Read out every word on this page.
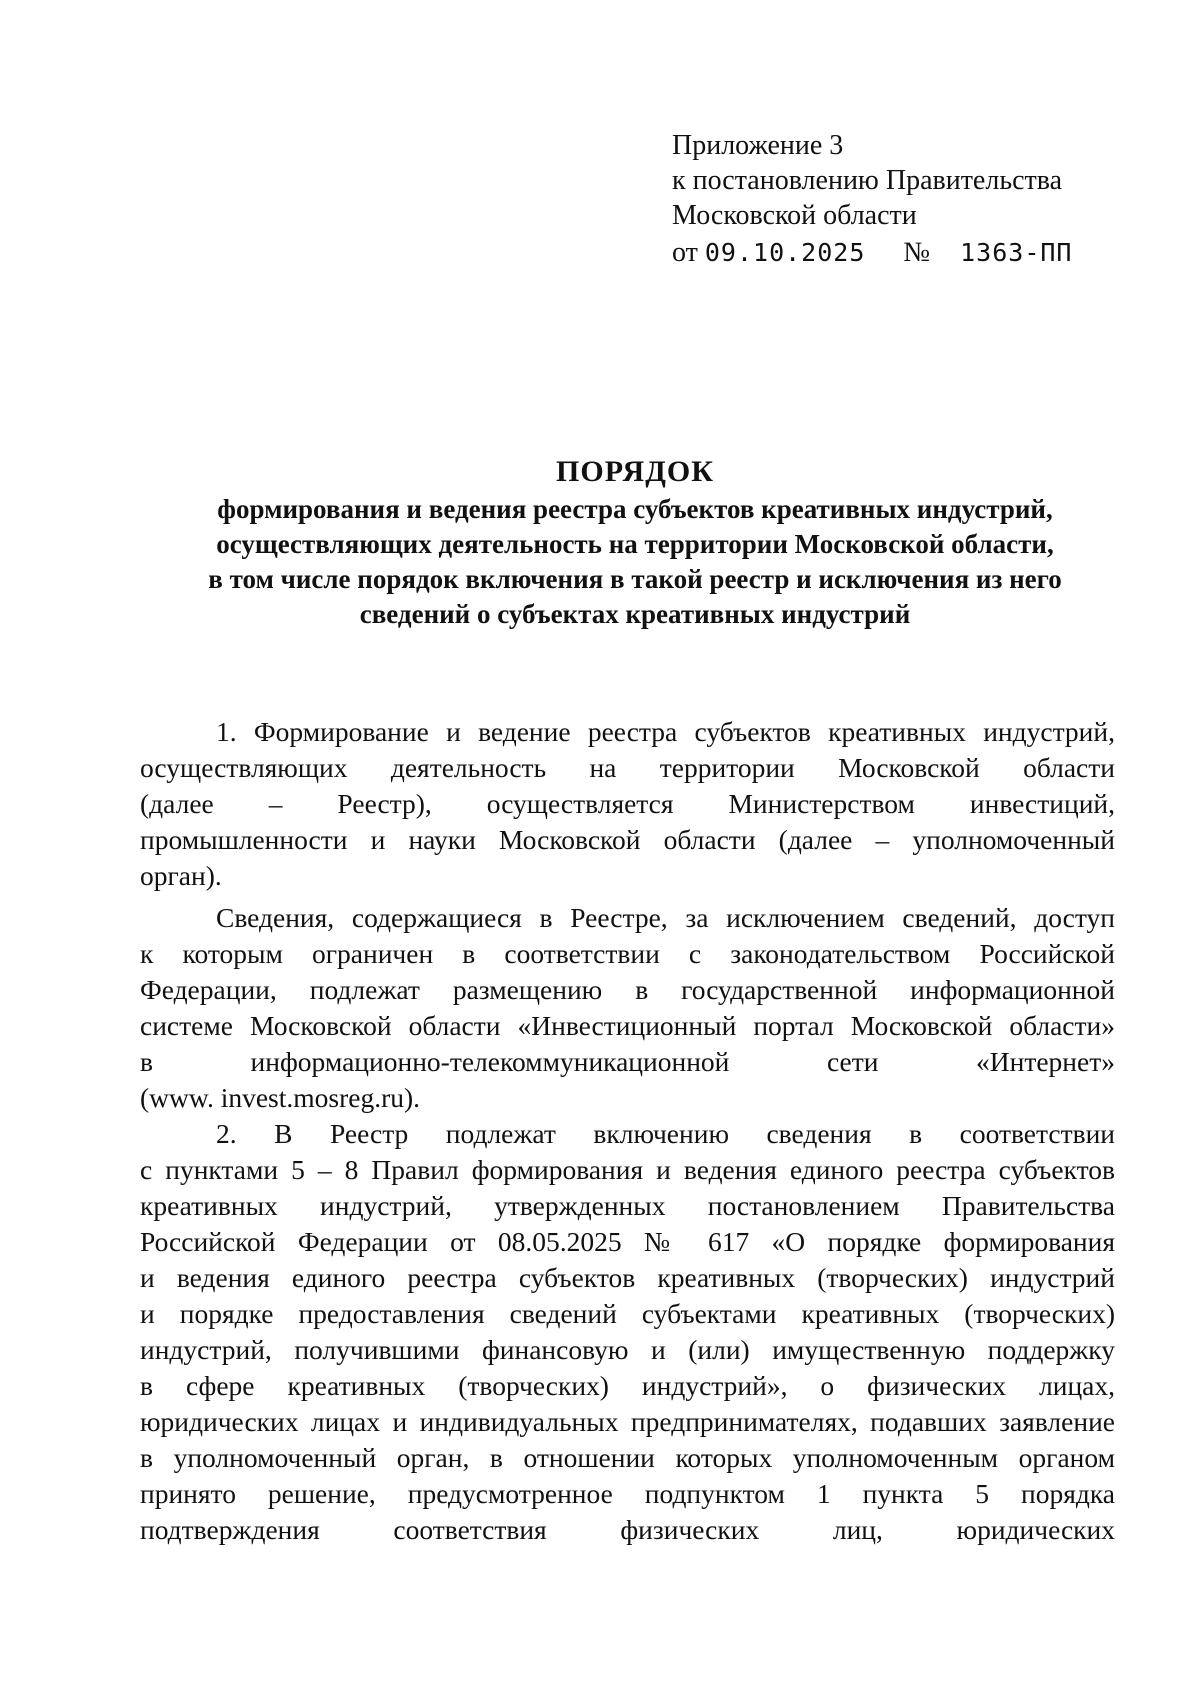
Приложение 3
к постановлению Правительства
Московской области
от 09.10.2025 № 1363-ПП
ПОРЯДОК
формирования и ведения реестра субъектов креативных индустрий,
осуществляющих деятельность на территории Московской области,
в том числе порядок включения в такой реестр и исключения из него
сведений о субъектах креативных индустрий
1. Формирование и ведение реестра субъектов креативных индустрий,
осуществляющих деятельность на территории Московской области
(далее – Реестр), осуществляется Министерством инвестиций,
промышленности и науки Московской области (далее – уполномоченный
орган).
Сведения, содержащиеся в Реестре, за исключением сведений, доступ
к которым ограничен в соответствии с законодательством Российской
Федерации, подлежат размещению в государственной информационной
системе Московской области «Инвестиционный портал Московской области»
в информационно-телекоммуникационной сети «Интернет»
(www. invest.mosreg.ru).
2. В Реестр подлежат включению сведения в соответствии
с пунктами 5 – 8 Правил формирования и ведения единого реестра субъектов
креативных индустрий, утвержденных постановлением Правительства
Российской Федерации от 08.05.2025 № 617 «О порядке формирования
и ведения единого реестра субъектов креативных (творческих) индустрий
и порядке предоставления сведений субъектами креативных (творческих)
индустрий, получившими финансовую и (или) имущественную поддержку
в сфере креативных (творческих) индустрий», о физических лицах,
юридических лицах и индивидуальных предпринимателях, подавших заявление
в уполномоченный орган, в отношении которых уполномоченным органом
принято решение, предусмотренное подпунктом 1 пункта 5 порядка
подтверждения соответствия физических лиц, юридических
